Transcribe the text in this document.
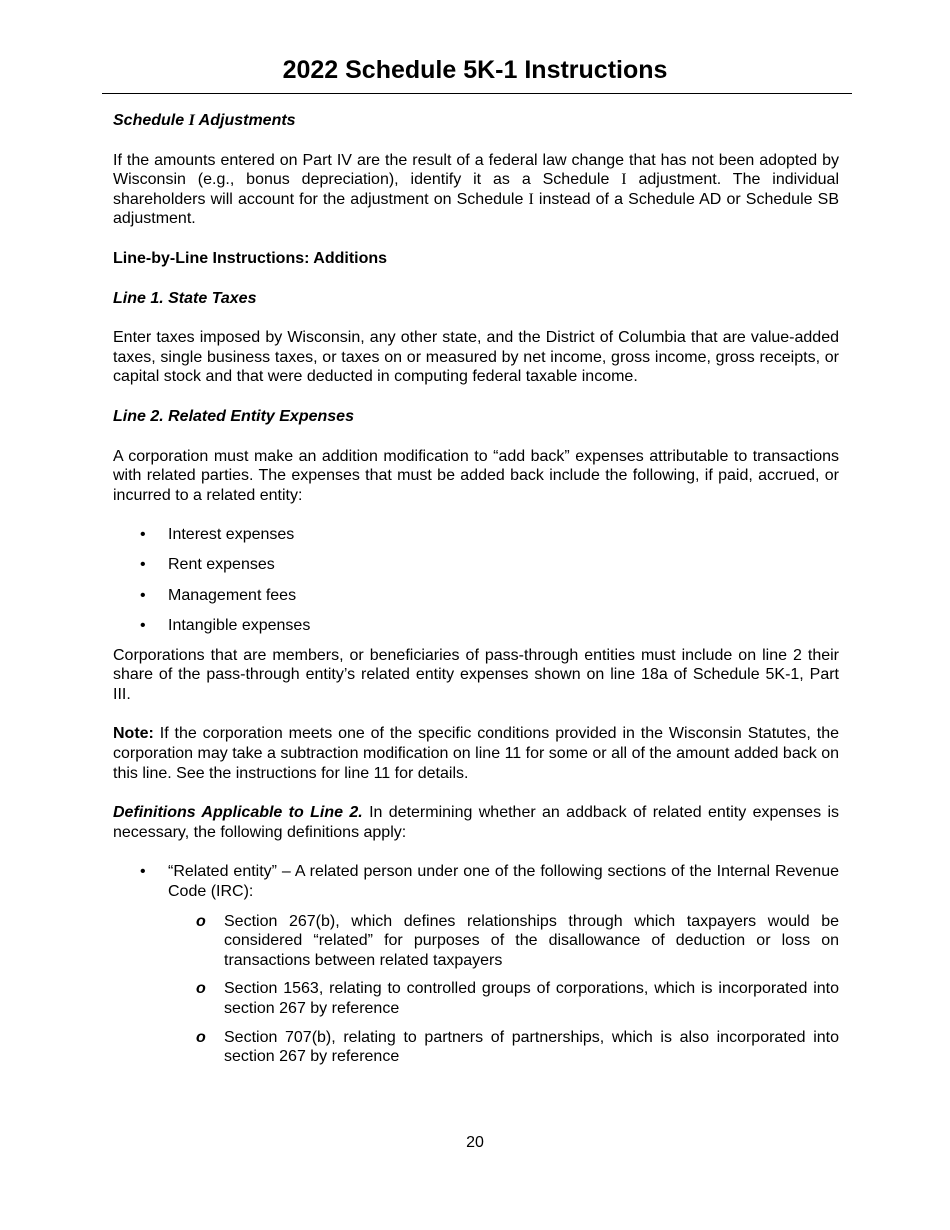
2022 Schedule 5K-1 Instructions

Schedule I Adjustments

If the amounts entered on Part IV are the result of a federal law change that has not been adopted by Wisconsin (e.g., bonus depreciation), identify it as a Schedule I adjustment. The individual shareholders will account for the adjustment on Schedule I instead of a Schedule AD or Schedule SB adjustment.

Line-by-Line Instructions: Additions

Line 1. State Taxes

Enter taxes imposed by Wisconsin, any other state, and the District of Columbia that are value-added taxes, single business taxes, or taxes on or measured by net income, gross income, gross receipts, or capital stock and that were deducted in computing federal taxable income.

Line 2. Related Entity Expenses

A corporation must make an addition modification to “add back” expenses attributable to transactions with related parties. The expenses that must be added back include the following, if paid, accrued, or incurred to a related entity:

• Interest expenses
• Rent expenses
• Management fees
• Intangible expenses

Corporations that are members, or beneficiaries of pass-through entities must include on line 2 their share of the pass-through entity’s related entity expenses shown on line 18a of Schedule 5K-1, Part III.

Note: If the corporation meets one of the specific conditions provided in the Wisconsin Statutes, the corporation may take a subtraction modification on line 11 for some or all of the amount added back on this line. See the instructions for line 11 for details.

Definitions Applicable to Line 2. In determining whether an addback of related entity expenses is necessary, the following definitions apply:

• “Related entity” – A related person under one of the following sections of the Internal Revenue Code (IRC):
o Section 267(b), which defines relationships through which taxpayers would be considered “related” for purposes of the disallowance of deduction or loss on transactions between related taxpayers
o Section 1563, relating to controlled groups of corporations, which is incorporated into section 267 by reference
o Section 707(b), relating to partners of partnerships, which is also incorporated into section 267 by reference
20
